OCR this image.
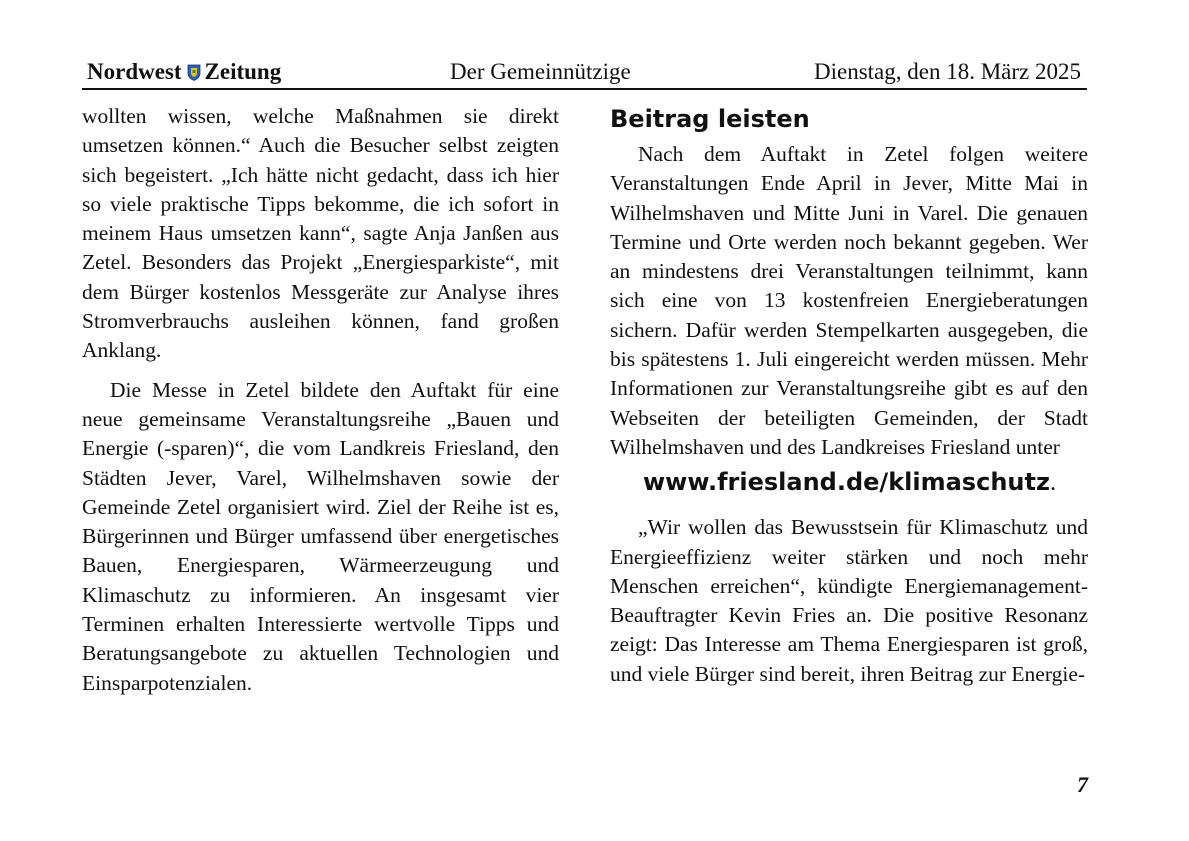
Nordwest Zeitung	Der Gemeinnützige	Dienstag, den 18. März 2025

wollten wissen, welche Maßnahmen sie direkt umsetzen können.“ Auch die Besucher selbst zeigten sich begeistert. „Ich hätte nicht gedacht, dass ich hier so viele praktische Tipps bekomme, die ich sofort in meinem Haus umsetzen kann“, sagte Anja Janßen aus Zetel. Besonders das Projekt „Energiesparkiste“, mit dem Bürger kostenlos Messgeräte zur Analyse ihres Stromverbrauchs ausleihen können, fand großen Anklang.

Die Messe in Zetel bildete den Auftakt für eine neue gemeinsame Veranstaltungsreihe „Bauen und Energie (-sparen)“, die vom Landkreis Friesland, den Städten Jever, Varel, Wilhelmshaven sowie der Gemeinde Zetel organisiert wird. Ziel der Reihe ist es, Bürgerinnen und Bürger umfassend über energetisches Bauen, Energiesparen, Wärmeerzeugung und Klimaschutz zu informieren. An insgesamt vier Terminen erhalten Interessierte wertvolle Tipps und Beratungsangebote zu aktuellen Technologien und Einsparpotenzialen.

Beitrag leisten

Nach dem Auftakt in Zetel folgen weitere Veranstaltungen Ende April in Jever, Mitte Mai in Wilhelmshaven und Mitte Juni in Varel. Die genauen Termine und Orte werden noch bekannt gegeben. Wer an mindestens drei Veranstaltungen teilnimmt, kann sich eine von 13 kostenfreien Energieberatungen sichern. Dafür werden Stempelkarten ausgegeben, die bis spätestens 1. Juli eingereicht werden müssen. Mehr Informationen zur Veranstaltungsreihe gibt es auf den Webseiten der beteiligten Gemeinden, der Stadt Wilhelmshaven und des Landkreises Friesland unter

www.friesland.de/klimaschutz.

„Wir wollen das Bewusstsein für Klimaschutz und Energieeffizienz weiter stärken und noch mehr Menschen erreichen“, kündigte Energiemanagement-Beauftragter Kevin Fries an. Die positive Resonanz zeigt: Das Interesse am Thema Energiesparen ist groß, und viele Bürger sind bereit, ihren Beitrag zur Energie-

7
